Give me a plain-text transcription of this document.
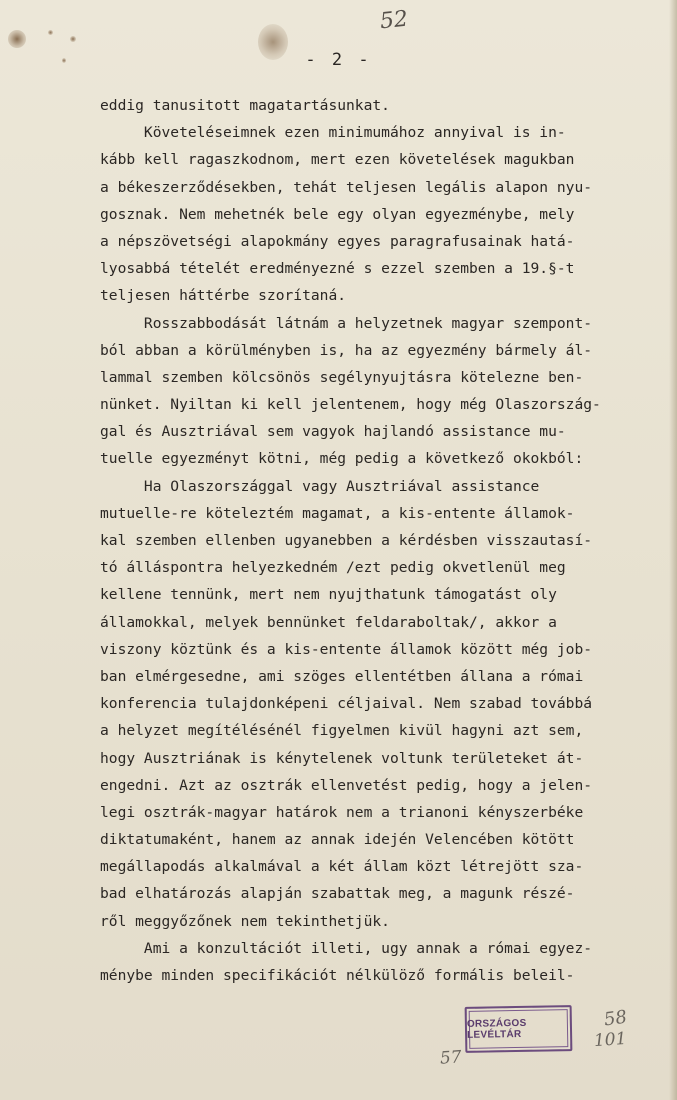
52
- 2 -
eddig tanusitott magatartásunkat.
Követeléseimnek ezen minimumához annyival is in-
kább kell ragaszkodnom, mert ezen követelések magukban
a békeszerződésekben, tehát teljesen legális alapon nyu-
gosznak. Nem mehetnék bele egy olyan egyezménybe, mely
a népszövetségi alapokmány egyes paragrafusainak hatá-
lyosabbá tételét eredményezné s ezzel szemben a 19.§-t
teljesen háttérbe szorítaná.
Rosszabbodását látnám a helyzetnek magyar szempont-
ból abban a körülményben is, ha az egyezmény bármely ál-
lammal szemben kölcsönös segélynyujtásra kötelezne ben-
nünket. Nyiltan ki kell jelentenem, hogy még Olaszország-
gal és Ausztriával sem vagyok hajlandó assistance mu-
tuelle egyezményt kötni, még pedig a következő okokból:
Ha Olaszországgal vagy Ausztriával assistance
mutuelle-re köteleztém magamat, a kis-entente államok-
kal szemben ellenben ugyanebben a kérdésben visszautasí-
tó álláspontra helyezkedném /ezt pedig okvetlenül meg
kellene tennünk, mert nem nyujthatunk támogatást oly
államokkal, melyek bennünket feldaraboltak/, akkor a
viszony köztünk és a kis-entente államok között még job-
ban elmérgesedne, ami szöges ellentétben állana a római
konferencia tulajdonképeni céljaival. Nem szabad továbbá
a helyzet megítélésénél figyelmen kivül hagyni azt sem,
hogy Ausztriának is kénytelenek voltunk területeket át-
engedni. Azt az osztrák ellenvetést pedig, hogy a jelen-
legi osztrák-magyar határok nem a trianoni kényszerbéke
diktatumaként, hanem az annak idején Velencében kötött
megállapodás alkalmával a két állam közt létrejött sza-
bad elhatározás alapján szabattak meg, a magunk részé-
ről meggyőzőnek nem tekinthetjük.
Ami a konzultációt illeti, ugy annak a római egyez-
ménybe minden specifikációt nélkülöző formális beleil-
ORSZÁGOS LEVÉLTÁR
58
101
57
